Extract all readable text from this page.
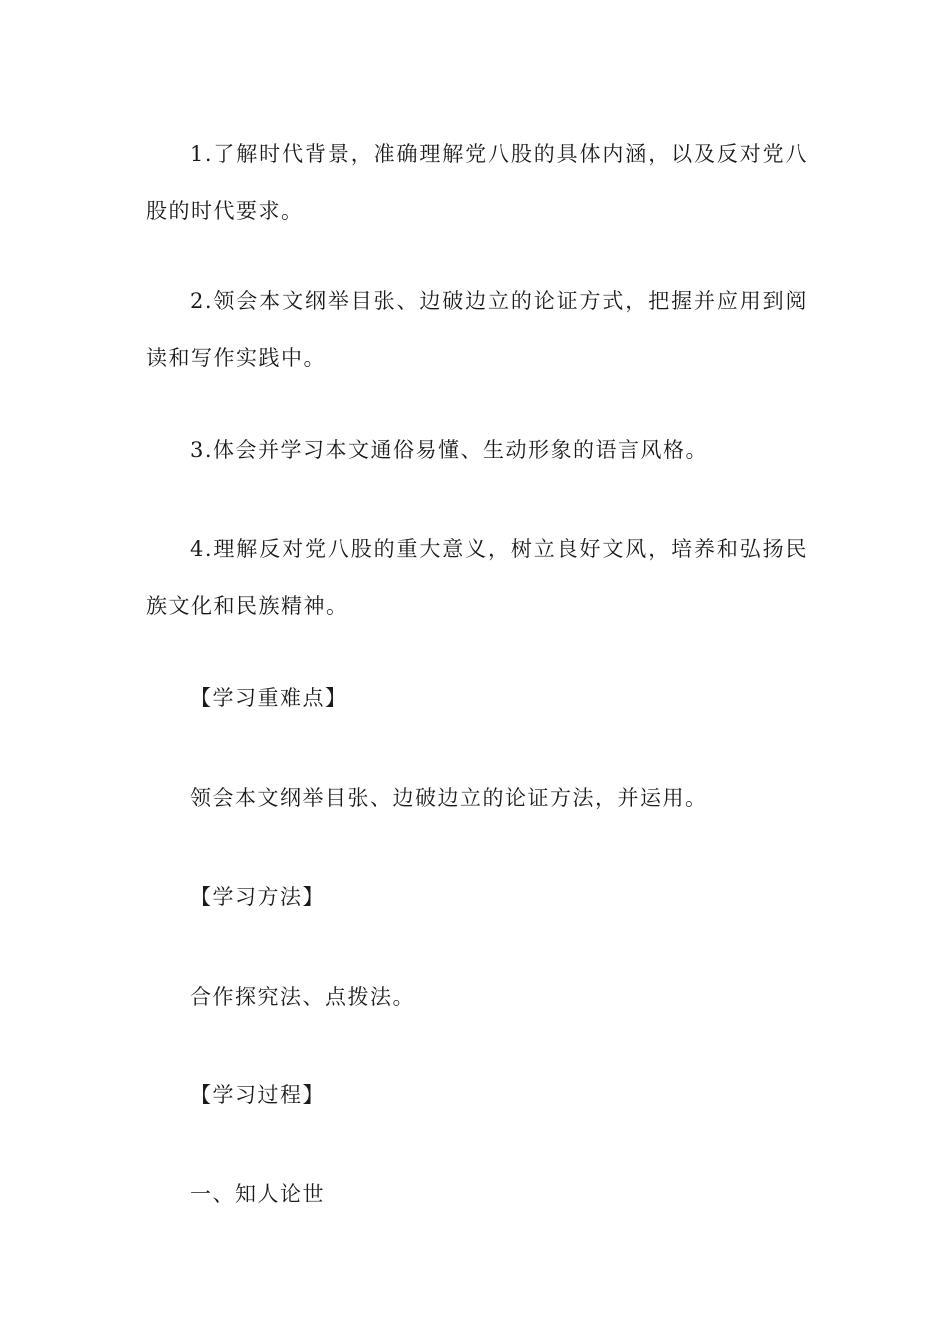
1.了解时代背景，准确理解党八股的具体内涵，以及反对党八股的时代要求。

2.领会本文纲举目张、边破边立的论证方式，把握并应用到阅读和写作实践中。

3.体会并学习本文通俗易懂、生动形象的语言风格。

4.理解反对党八股的重大意义，树立良好文风，培养和弘扬民族文化和民族精神。

【学习重难点】

领会本文纲举目张、边破边立的论证方法，并运用。

【学习方法】

合作探究法、点拨法。

【学习过程】

一、知人论世
